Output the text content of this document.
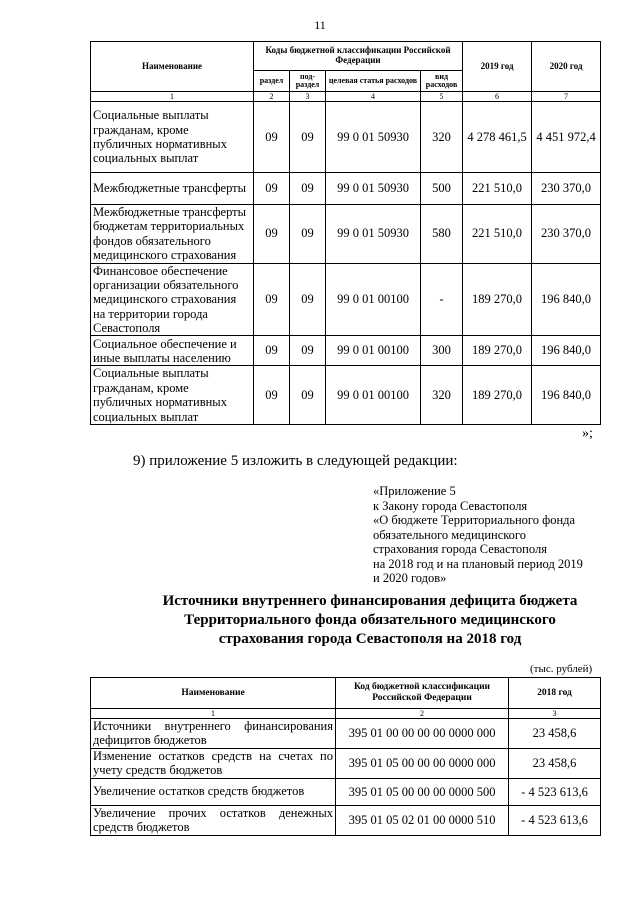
11
Наименование	Коды бюджетной классификации Российской Федерации				2019 год	2020 год
	раздел	под-раздел	целевая статья расходов	вид расходов		
1	2	3	4	5	6	7
Социальные выплаты гражданам, кроме публичных нормативных социальных выплат	09	09	99 0 01 50930	320	4 278 461,5	4 451 972,4
Межбюджетные трансферты	09	09	99 0 01 50930	500	221 510,0	230 370,0
Межбюджетные трансферты бюджетам территориальных фондов обязательного медицинского страхования	09	09	99 0 01 50930	580	221 510,0	230 370,0
Финансовое обеспечение организации обязательного медицинского страхования на территории города Севастополя	09	09	99 0 01 00100	-	189 270,0	196 840,0
Социальное обеспечение и иные выплаты населению	09	09	99 0 01 00100	300	189 270,0	196 840,0
Социальные выплаты гражданам, кроме публичных нормативных социальных выплат	09	09	99 0 01 00100	320	189 270,0	196 840,0
»;
9) приложение 5 изложить в следующей редакции:
«Приложение 5
к Закону города Севастополя
«О бюджете Территориального фонда
обязательного медицинского
страхования города Севастополя
на 2018 год и на плановый период 2019
и 2020 годов»
Источники внутреннего финансирования дефицита бюджета
Территориального фонда обязательного медицинского
страхования города Севастополя на 2018 год
(тыс. рублей)
Наименование	Код бюджетной классификации Российской Федерации	2018 год
1	2	3
Источники внутреннего финансирования дефицитов бюджетов	395 01 00 00 00 00 0000 000	23 458,6
Изменение остатков средств на счетах по учету средств бюджетов	395 01 05 00 00 00 0000 000	23 458,6
Увеличение остатков средств бюджетов	395 01 05 00 00 00 0000 500	- 4 523 613,6
Увеличение прочих остатков денежных средств бюджетов	395 01 05 02 01 00 0000 510	- 4 523 613,6
